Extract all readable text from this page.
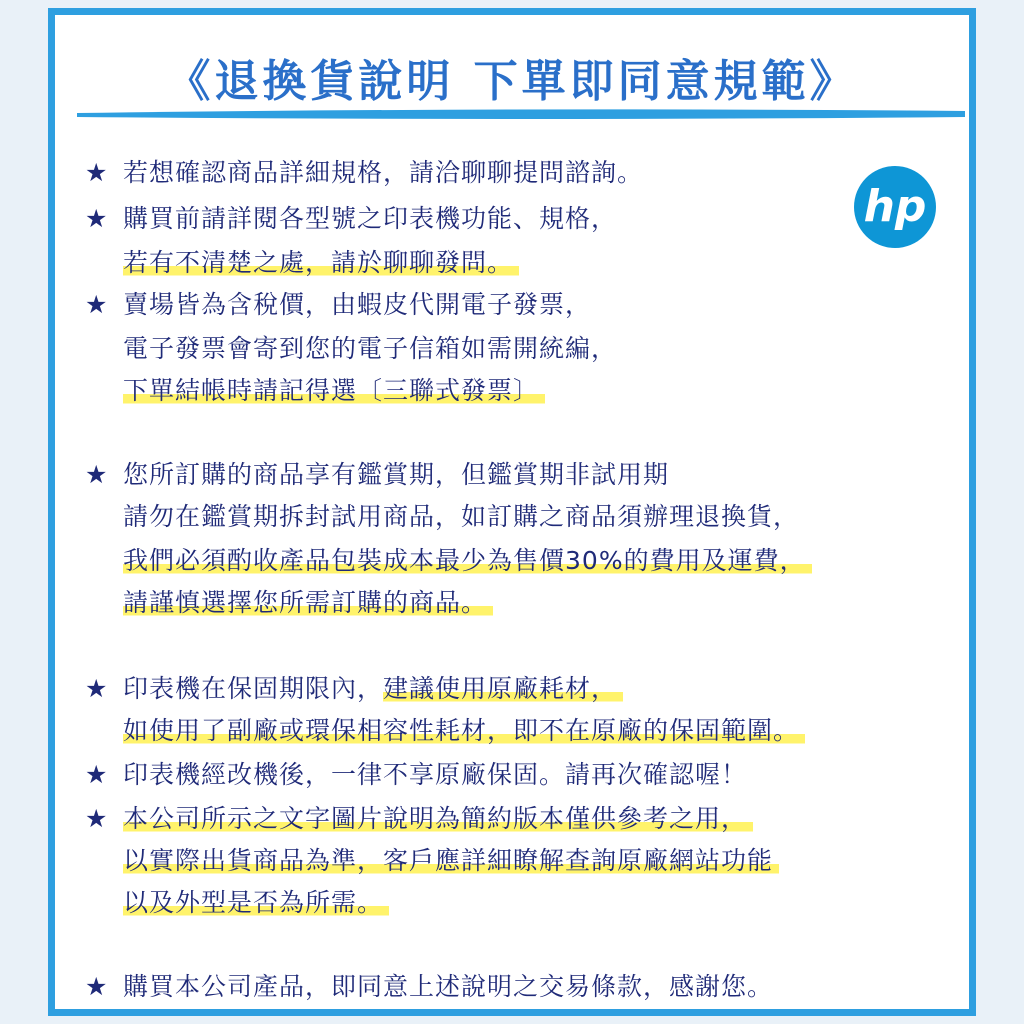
《退換貨說明 下單即同意規範》
hp
★ 若想確認商品詳細規格，請洽聊聊提問諮詢。
★ 購買前請詳閱各型號之印表機功能、規格，
若有不清楚之處，請於聊聊發問。
★ 賣場皆為含稅價，由蝦皮代開電子發票，
電子發票會寄到您的電子信箱如需開統編，
下單結帳時請記得選〔三聯式發票〕
★ 您所訂購的商品享有鑑賞期，但鑑賞期非試用期
請勿在鑑賞期拆封試用商品，如訂購之商品須辦理退換貨，
我們必須酌收產品包裝成本最少為售價30%的費用及運費，
請謹慎選擇您所需訂購的商品。
★ 印表機在保固期限內，建議使用原廠耗材，
如使用了副廠或環保相容性耗材，即不在原廠的保固範圍。
★ 印表機經改機後，一律不享原廠保固。請再次確認喔！
★ 本公司所示之文字圖片說明為簡約版本僅供參考之用，
以實際出貨商品為準，客戶應詳細瞭解查詢原廠網站功能
以及外型是否為所需。
★ 購買本公司產品，即同意上述說明之交易條款，感謝您。
